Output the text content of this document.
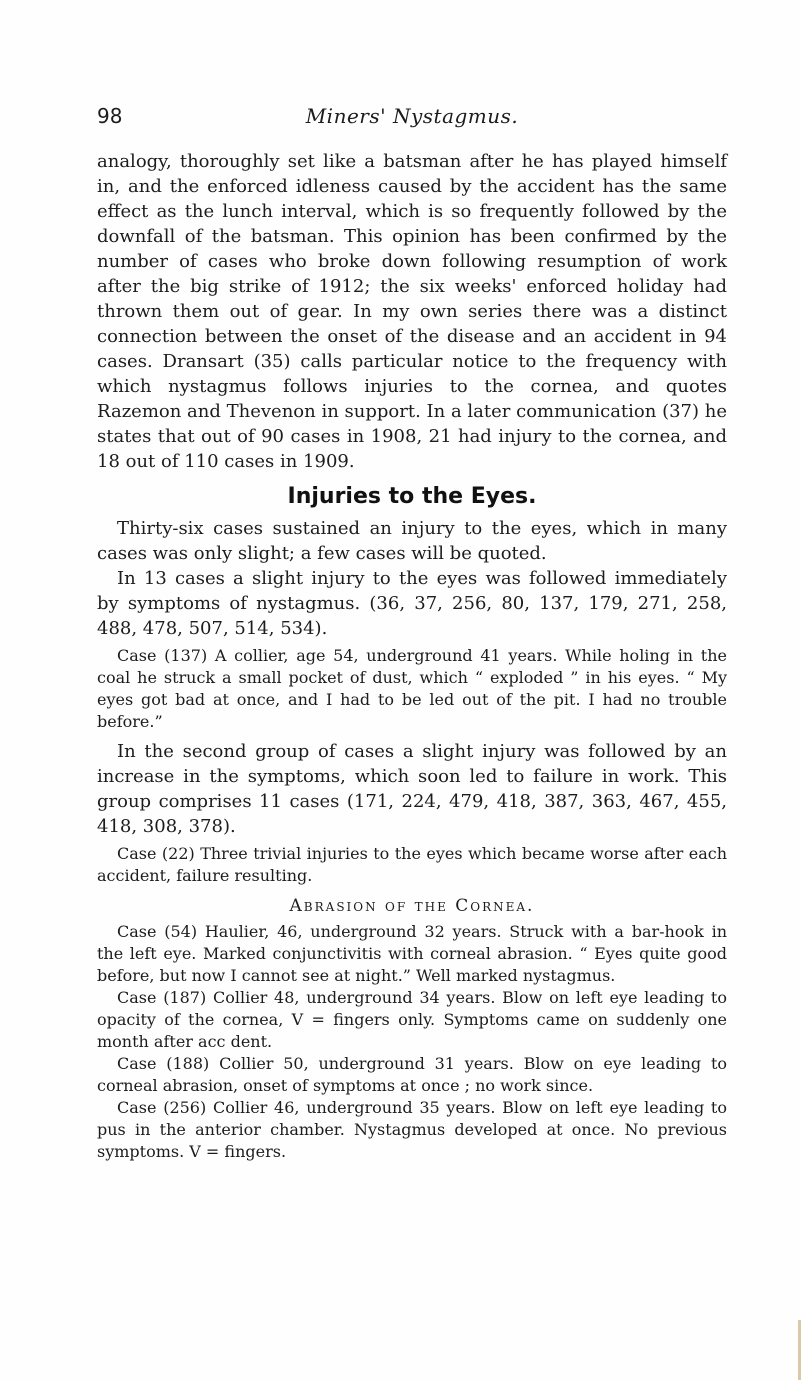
98	Miners' Nystagmus.

analogy, thoroughly set like a batsman after he has played himself in, and the enforced idleness caused by the accident has the same effect as the lunch interval, which is so frequently followed by the downfall of the batsman. This opinion has been confirmed by the number of cases who broke down following resumption of work after the big strike of 1912; the six weeks' enforced holiday had thrown them out of gear. In my own series there was a distinct connection between the onset of the disease and an accident in 94 cases. Dransart (35) calls particular notice to the frequency with which nystagmus follows injuries to the cornea, and quotes Razemon and Thevenon in support. In a later communication (37) he states that out of 90 cases in 1908, 21 had injury to the cornea, and 18 out of 110 cases in 1909.

Injuries to the Eyes.

Thirty-six cases sustained an injury to the eyes, which in many cases was only slight; a few cases will be quoted.

In 13 cases a slight injury to the eyes was followed immediately by symptoms of nystagmus. (36, 37, 256, 80, 137, 179, 271, 258, 488, 478, 507, 514, 534).

Case (137) A collier, age 54, underground 41 years. While holing in the coal he struck a small pocket of dust, which “ exploded ” in his eyes. “ My eyes got bad at once, and I had to be led out of the pit. I had no trouble before.”

In the second group of cases a slight injury was followed by an increase in the symptoms, which soon led to failure in work. This group comprises 11 cases (171, 224, 479, 418, 387, 363, 467, 455, 418, 308, 378).

Case (22) Three trivial injuries to the eyes which became worse after each accident, failure resulting.

Abrasion of the Cornea.

Case (54) Haulier, 46, underground 32 years. Struck with a bar-hook in the left eye. Marked conjunctivitis with corneal abrasion. “ Eyes quite good before, but now I cannot see at night.” Well marked nystagmus.

Case (187) Collier 48, underground 34 years. Blow on left eye leading to opacity of the cornea, V = fingers only. Symptoms came on suddenly one month after acc dent.

Case (188) Collier 50, underground 31 years. Blow on eye leading to corneal abrasion, onset of symptoms at once ; no work since.

Case (256) Collier 46, underground 35 years. Blow on left eye leading to pus in the anterior chamber. Nystagmus developed at once. No previous symptoms. V = fingers.
